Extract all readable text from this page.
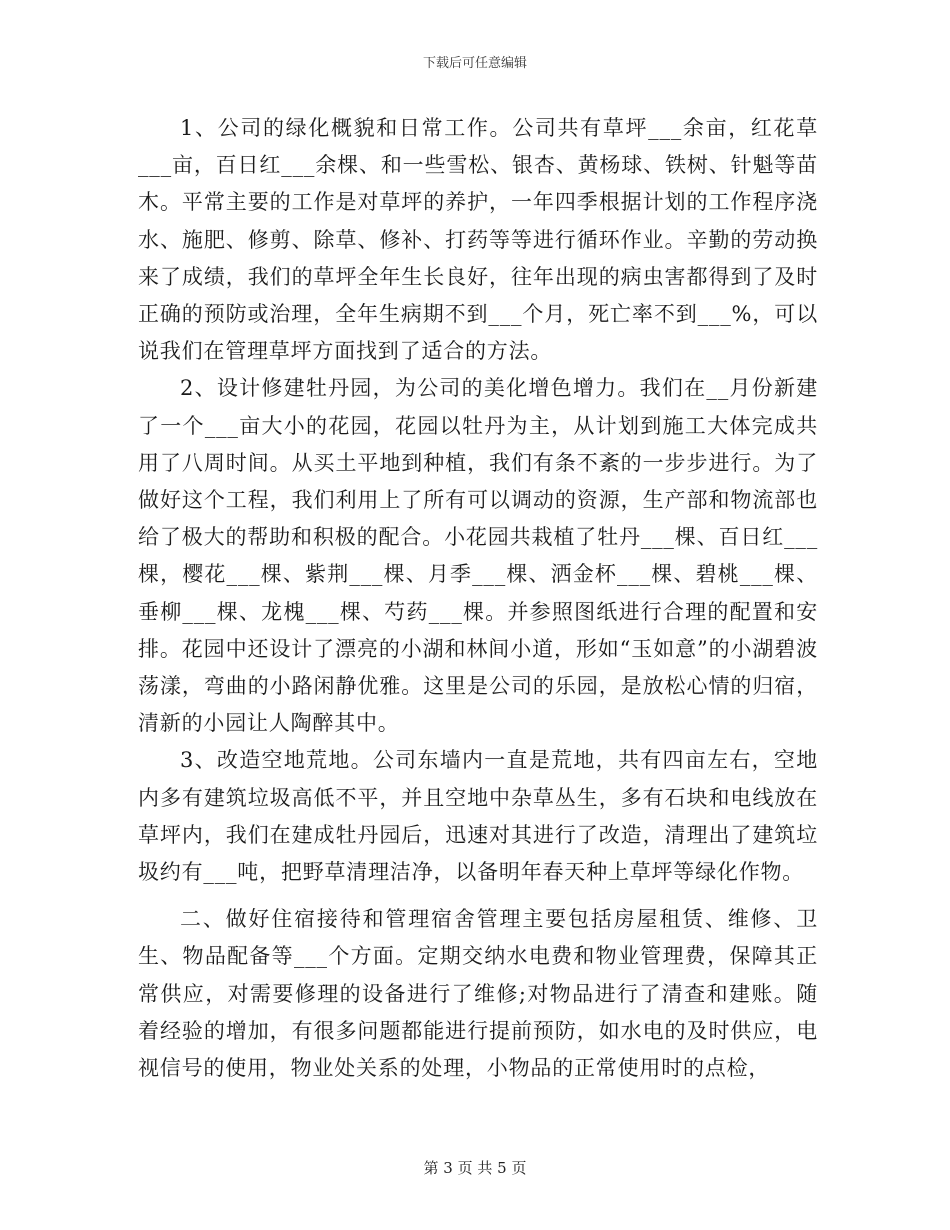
下载后可任意编辑

1、公司的绿化概貌和日常工作。公司共有草坪___余亩，红花草___亩，百日红___余棵、和一些雪松、银杏、黄杨球、铁树、针魁等苗木。平常主要的工作是对草坪的养护，一年四季根据计划的工作程序浇水、施肥、修剪、除草、修补、打药等等进行循环作业。辛勤的劳动换来了成绩，我们的草坪全年生长良好，往年出现的病虫害都得到了及时正确的预防或治理，全年生病期不到___个月，死亡率不到___%，可以说我们在管理草坪方面找到了适合的方法。

2、设计修建牡丹园，为公司的美化增色增力。我们在__月份新建了一个___亩大小的花园，花园以牡丹为主，从计划到施工大体完成共用了八周时间。从买土平地到种植，我们有条不紊的一步步进行。为了做好这个工程，我们利用上了所有可以调动的资源，生产部和物流部也给了极大的帮助和积极的配合。小花园共栽植了牡丹___棵、百日红___棵，樱花___棵、紫荆___棵、月季___棵、洒金杯___棵、碧桃___棵、垂柳___棵、龙槐___棵、芍药___棵。并参照图纸进行合理的配置和安排。花园中还设计了漂亮的小湖和林间小道，形如“玉如意”的小湖碧波荡漾，弯曲的小路闲静优雅。这里是公司的乐园，是放松心情的归宿，清新的小园让人陶醉其中。

3、改造空地荒地。公司东墙内一直是荒地，共有四亩左右，空地内多有建筑垃圾高低不平，并且空地中杂草丛生，多有石块和电线放在草坪内，我们在建成牡丹园后，迅速对其进行了改造，清理出了建筑垃圾约有___吨，把野草清理洁净，以备明年春天种上草坪等绿化作物。

二、做好住宿接待和管理宿舍管理主要包括房屋租赁、维修、卫生、物品配备等___个方面。定期交纳水电费和物业管理费，保障其正常供应，对需要修理的设备进行了维修;对物品进行了清查和建账。随着经验的增加，有很多问题都能进行提前预防，如水电的及时供应，电视信号的使用，物业处关系的处理，小物品的正常使用时的点检，

第 3 页 共 5 页
